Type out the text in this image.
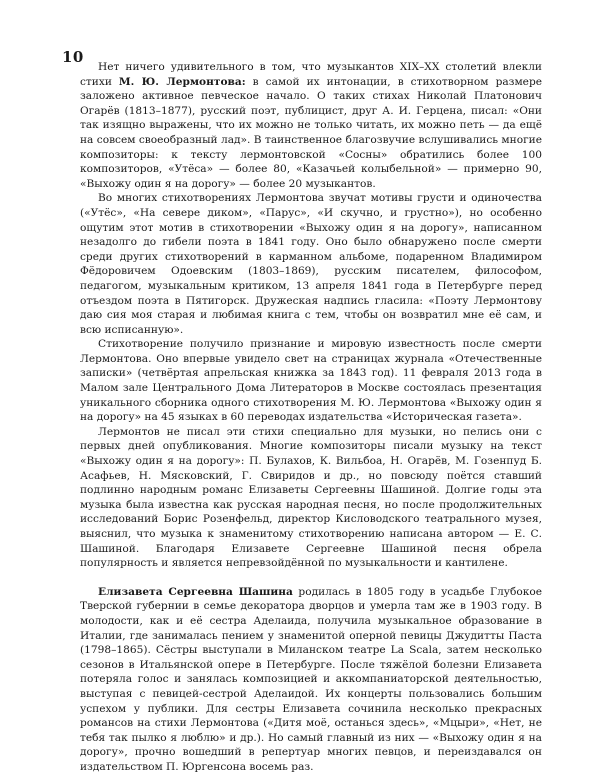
10

Нет ничего удивительного в том, что музыкантов XIX–XX столетий влекли стихи М. Ю. Лермонтова: в самой их интонации, в стихотворном размере заложено активное певческое начало. О таких стихах Николай Платонович Огарёв (1813–1877), русский поэт, публицист, друг А. И. Герцена, писал: «Они так изящно выражены, что их можно не только читать, их можно петь — да ещё на совсем своеобразный лад». В таинственное благозвучие вслушивались многие композиторы: к тексту лермонтовской «Сосны» обратились более 100 композиторов, «Утёса» — более 80, «Казачьей колыбельной» — примерно 90, «Выхожу один я на дорогу» — более 20 музыкантов.

Во многих стихотворениях Лермонтова звучат мотивы грусти и одиночества («Утёс», «На севере диком», «Парус», «И скучно, и грустно»), но особенно ощутим этот мотив в стихотворении «Выхожу один я на дорогу», написанном незадолго до гибели поэта в 1841 году. Оно было обнаружено после смерти среди других стихотворений в карманном альбоме, подаренном Владимиром Фёдоровичем Одоевским (1803–1869), русским писателем, философом, педагогом, музыкальным критиком, 13 апреля 1841 года в Петербурге перед отъездом поэта в Пятигорск. Дружеская надпись гласила: «Поэту Лермонтову даю сия моя старая и любимая книга с тем, чтобы он возвратил мне её сам, и всю исписанную».

Стихотворение получило признание и мировую известность после смерти Лермонтова. Оно впервые увидело свет на страницах журнала «Отечественные записки» (четвёртая апрельская книжка за 1843 год). 11 февраля 2013 года в Малом зале Центрального Дома Литераторов в Москве состоялась презентация уникального сборника одного стихотворения М. Ю. Лермонтова «Выхожу один я на дорогу» на 45 языках в 60 переводах издательства «Историческая газета».

Лермонтов не писал эти стихи специально для музыки, но пелись они с первых дней опубликования. Многие композиторы писали музыку на текст «Выхожу один я на дорогу»: П. Булахов, К. Вильбоа, Н. Огарёв, М. Гозенпуд Б. Асафьев, Н. Мясковский, Г. Свиридов и др., но повсюду поётся ставший подлинно народным романс Елизаветы Сергеевны Шашиной. Долгие годы эта музыка была известна как русская народная песня, но после продолжительных исследований Борис Розенфельд, директор Кисловодского театрального музея, выяснил, что музыка к знаменитому стихотворению написана автором — Е. С. Шашиной. Благодаря Елизавете Сергеевне Шашиной песня обрела популярность и является непревзойдённой по музыкальности и кантилене.

Елизавета Сергеевна Шашина родилась в 1805 году в усадьбе Глубокое Тверской губернии в семье декоратора дворцов и умерла там же в 1903 году. В молодости, как и её сестра Аделаида, получила музыкальное образование в Италии, где занималась пением у знаменитой оперной певицы Джудитты Паста (1798–1865). Сёстры выступали в Миланском театре La Scala, затем несколько сезонов в Итальянской опере в Петербурге. После тяжёлой болезни Елизавета потеряла голос и занялась композицией и аккомпаниаторской деятельностью, выступая с певицей-сестрой Аделаидой. Их концерты пользовались большим успехом у публики. Для сестры Елизавета сочинила несколько прекрасных романсов на стихи Лермонтова («Дитя моё, останься здесь», «Мцыри», «Нет, не тебя так пылко я люблю» и др.). Но самый главный из них — «Выхожу один я на дорогу», прочно вошедший в репертуар многих певцов, и переиздавался он издательством П. Юргенсона восемь раз.
